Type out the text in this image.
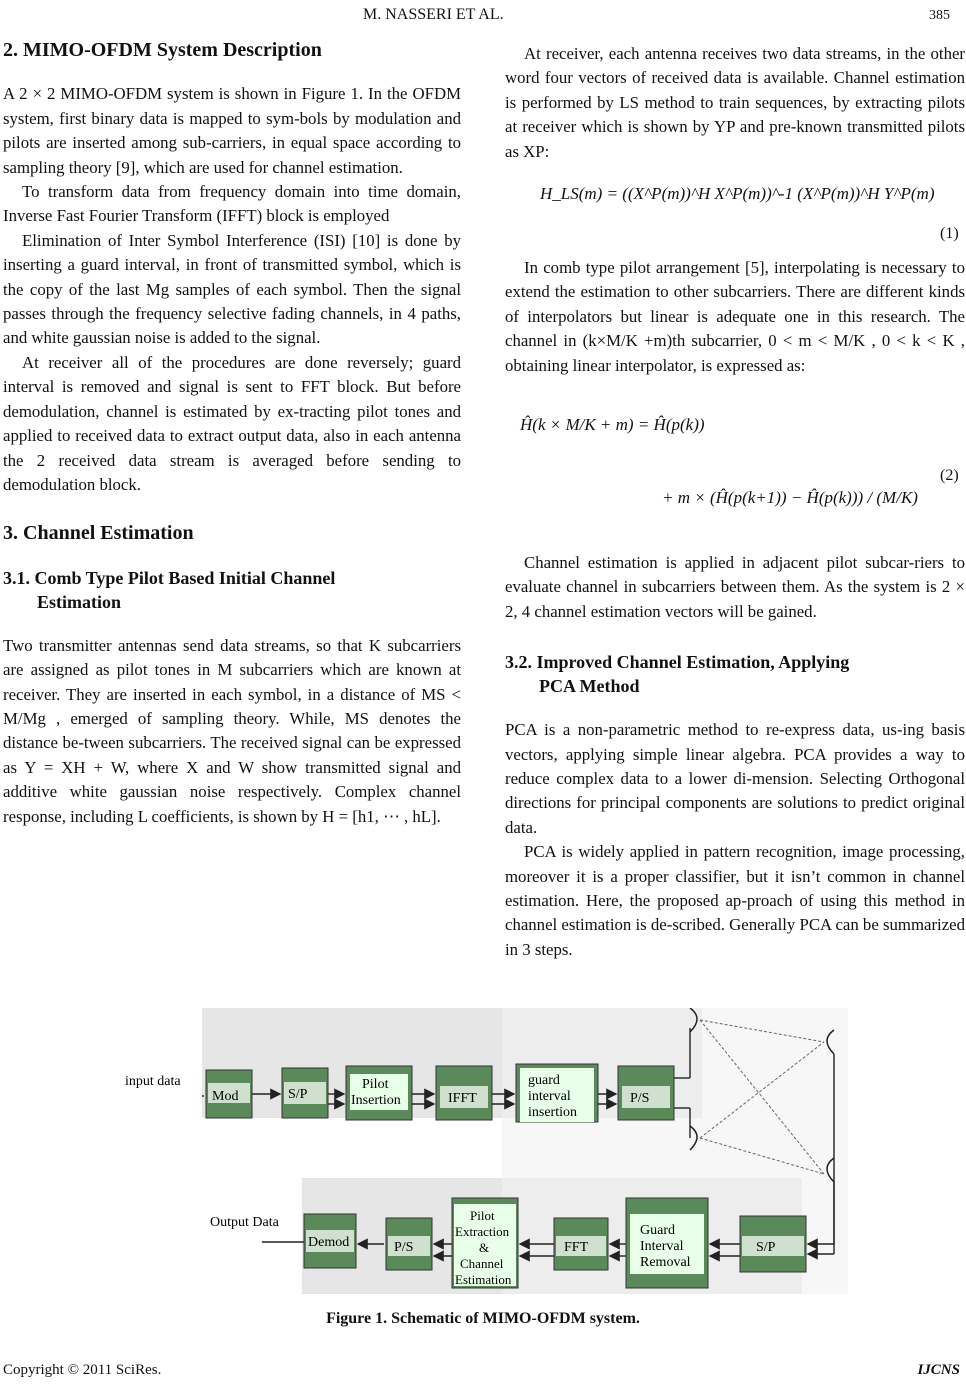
M. NASSERI ET AL.	385

2. MIMO-OFDM System Description

A 2 × 2 MIMO-OFDM system is shown in Figure 1. In the OFDM system, first binary data is mapped to sym-bols by modulation and pilots are inserted among sub-carriers, in equal space according to sampling theory [9], which are used for channel estimation.

To transform data from frequency domain into time domain, Inverse Fast Fourier Transform (IFFT) block is employed

Elimination of Inter Symbol Interference (ISI) [10] is done by inserting a guard interval, in front of transmitted symbol, which is the copy of the last Mg samples of each symbol. Then the signal passes through the frequency selective fading channels, in 4 paths, and white gaussian noise is added to the signal.

At receiver all of the procedures are done reversely; guard interval is removed and signal is sent to FFT block. But before demodulation, channel is estimated by ex-tracting pilot tones and applied to received data to extract output data, also in each antenna the 2 received data stream is averaged before sending to demodulation block.

3. Channel Estimation

3.1. Comb Type Pilot Based Initial Channel
Estimation

Two transmitter antennas send data streams, so that K subcarriers are assigned as pilot tones in M subcarriers which are known at receiver. They are inserted in each symbol, in a distance of MS < M/Mg , emerged of sampling theory. While, MS denotes the distance be-tween subcarriers. The received signal can be expressed as Y = XH + W, where X and W show transmitted signal and additive white gaussian noise respectively. Complex channel response, including L coefficients, is shown by H = [h1, ⋯ , hL].

At receiver, each antenna receives two data streams, in the other word four vectors of received data is available. Channel estimation is performed by LS method to train sequences, by extracting pilots at receiver which is shown by YP and pre-known transmitted pilots as XP:

H_LS(m) = ((X^P(m))^H X^P(m))^-1 (X^P(m))^H Y^P(m)
(1)

In comb type pilot arrangement [5], interpolating is necessary to extend the estimation to other subcarriers. There are different kinds of interpolators but linear is adequate one in this research. The channel in (k×M/K +m)th subcarrier, 0 < m < M/K , 0 < k < K , obtaining linear interpolator, is expressed as:

Ĥ(k × M/K + m) = Ĥ(p(k))
+ m × (Ĥ(p(k+1)) − Ĥ(p(k))) / (M/K)
(2)

Channel estimation is applied in adjacent pilot subcar-riers to evaluate channel in subcarriers between them. As the system is 2 × 2, 4 channel estimation vectors will be gained.

3.2. Improved Channel Estimation, Applying
PCA Method

PCA is a non-parametric method to re-express data, us-ing basis vectors, applying simple linear algebra. PCA provides a way to reduce complex data to a lower di-mension. Selecting Orthogonal directions for principal components are solutions to predict original data.

PCA is widely applied in pattern recognition, image processing, moreover it is a proper classifier, but it isn’t common in channel estimation. Here, the proposed ap-proach of using this method in channel estimation is de-scribed. Generally PCA can be summarized in 3 steps.

input data
Mod	S/P
Pilot
Insertion	IFFT
guard
interval
insertion
P/S
Output Data
Demod	P/S
Pilot
Extraction
&
Channel
Estimation
FFT
Guard
Interval
Removal
S/P
Figure 1. Schematic of MIMO-OFDM system.
Copyright © 2011 SciRes.	IJCNS
